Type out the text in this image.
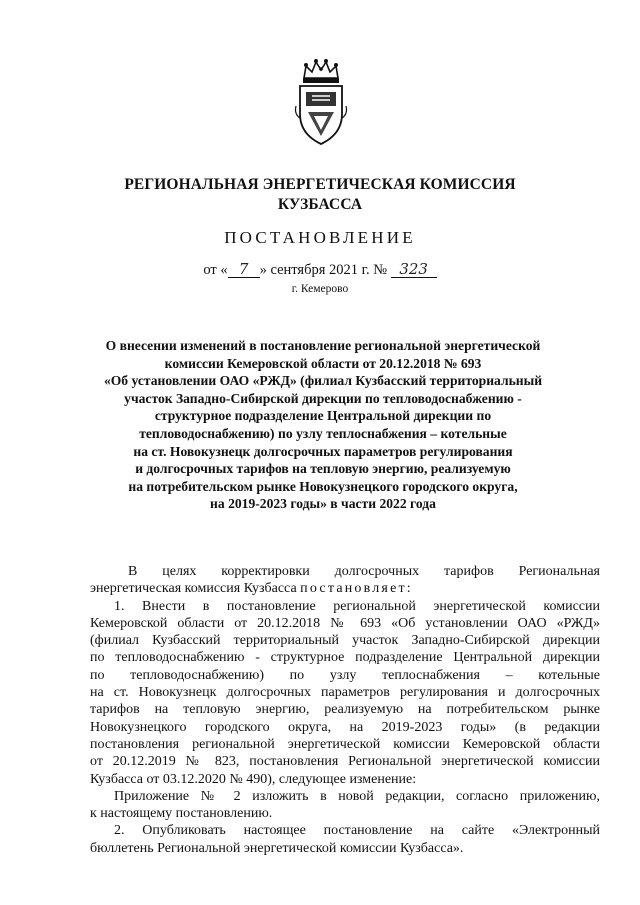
РЕГИОНАЛЬНАЯ ЭНЕРГЕТИЧЕСКАЯ КОМИССИЯ
КУЗБАССА
ПОСТАНОВЛЕНИЕ
от « 7 » сентября 2021 г. № 323
г. Кемерово
О внесении изменений в постановление региональной энергетической
комиссии Кемеровской области от 20.12.2018 № 693
«Об установлении ОАО «РЖД» (филиал Кузбасский территориальный
участок Западно-Сибирской дирекции по тепловодоснабжению -
структурное подразделение Центральной дирекции по
тепловодоснабжению) по узлу теплоснабжения – котельные
на ст. Новокузнецк долгосрочных параметров регулирования
и долгосрочных тарифов на тепловую энергию, реализуемую
на потребительском рынке Новокузнецкого городского округа,
на 2019-2023 годы» в части 2022 года
В целях корректировки долгосрочных тарифов Региональная
энергетическая комиссия Кузбасса постановляет:
1. Внести в постановление региональной энергетической комиссии
Кемеровской области от 20.12.2018 № 693 «Об установлении ОАО «РЖД»
(филиал Кузбасский территориальный участок Западно-Сибирской дирекции
по тепловодоснабжению - структурное подразделение Центральной дирекции
по тепловодоснабжению) по узлу теплоснабжения – котельные
на ст. Новокузнецк долгосрочных параметров регулирования и долгосрочных
тарифов на тепловую энергию, реализуемую на потребительском рынке
Новокузнецкого городского округа, на 2019-2023 годы» (в редакции
постановления региональной энергетической комиссии Кемеровской области
от 20.12.2019 № 823, постановления Региональной энергетической комиссии
Кузбасса от 03.12.2020 № 490), следующее изменение:
Приложение № 2 изложить в новой редакции, согласно приложению,
к настоящему постановлению.
2. Опубликовать настоящее постановление на сайте «Электронный
бюллетень Региональной энергетической комиссии Кузбасса».
